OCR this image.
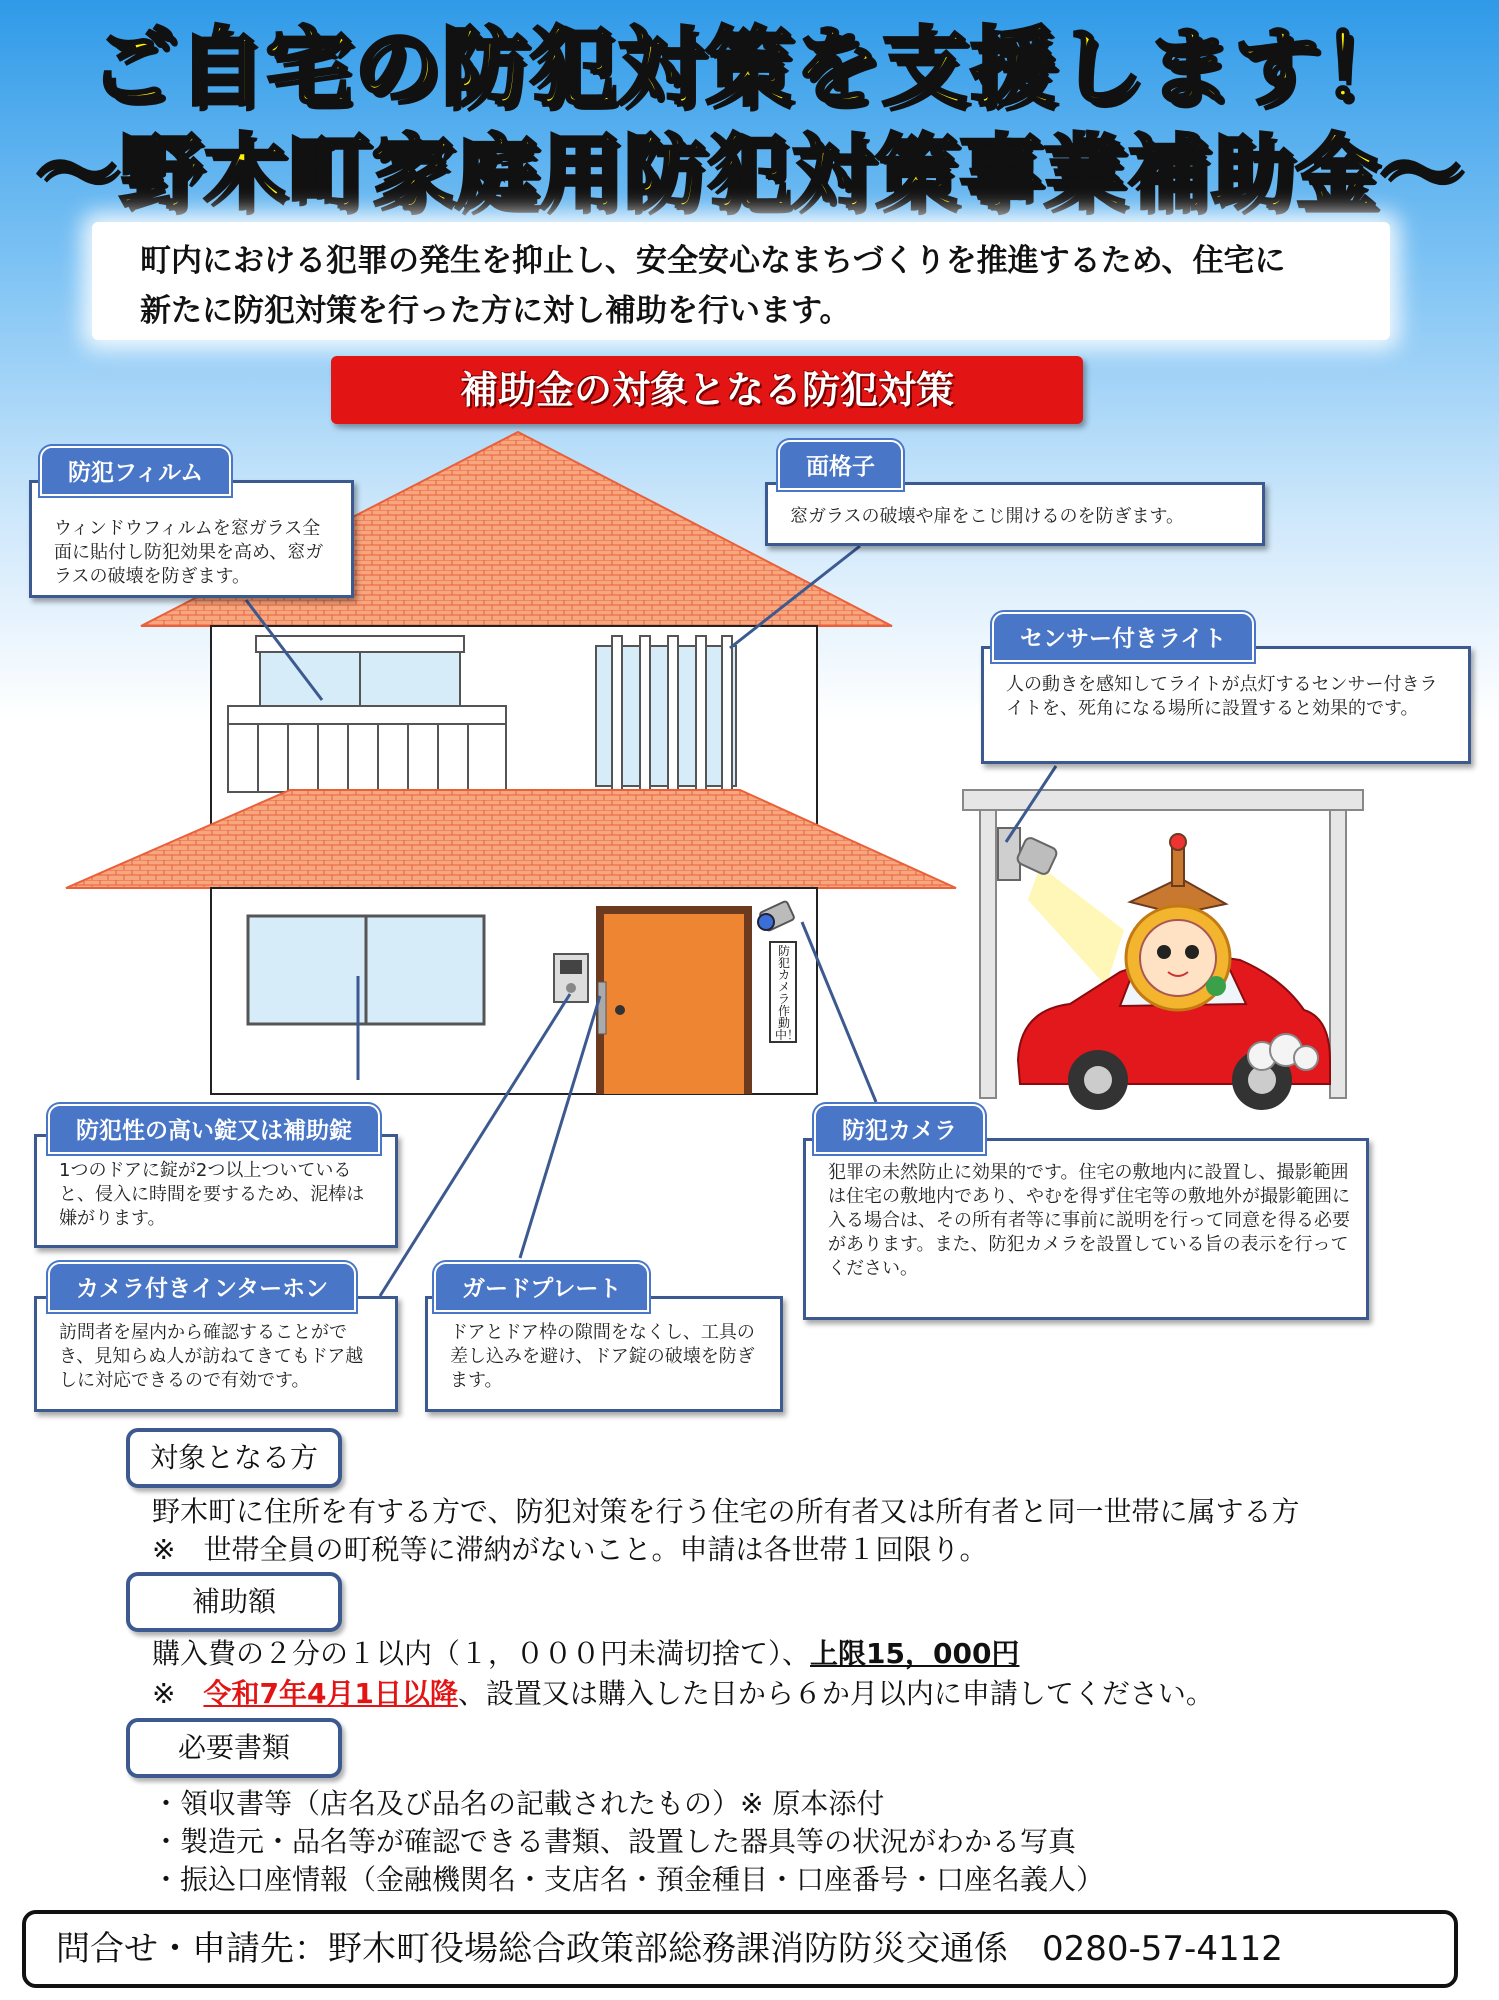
ご自宅の防犯対策を支援します！
～野木町家庭用防犯対策事業補助金～
町内における犯罪の発生を抑止し、安全安心なまちづくりを推進するため、住宅に
新たに防犯対策を行った方に対し補助を行います。
補助金の対象となる防犯対策
防犯カメラ作動中！
ウィンドウフィルムを窓ガラス全面に貼付し防犯効果を高め、窓ガラスの破壊を防ぎます。
防犯フィルム
窓ガラスの破壊や扉をこじ開けるのを防ぎます。
面格子
人の動きを感知してライトが点灯するセンサー付きライトを、死角になる場所に設置すると効果的です。
センサー付きライト
1つのドアに錠が2つ以上ついていると、侵入に時間を要するため、泥棒は嫌がります。
防犯性の高い錠又は補助錠
犯罪の未然防止に効果的です。住宅の敷地内に設置し、撮影範囲は住宅の敷地内であり、やむを得ず住宅等の敷地外が撮影範囲に入る場合は、その所有者等に事前に説明を行って同意を得る必要があります。また、防犯カメラを設置している旨の表示を行ってください。
防犯カメラ
訪問者を屋内から確認することができ、見知らぬ人が訪ねてきてもドア越しに対応できるので有効です。
カメラ付きインターホン
ドアとドア枠の隙間をなくし、工具の差し込みを避け、ドア錠の破壊を防ぎます。
ガードプレート
対象となる方
野木町に住所を有する方で、防犯対策を行う住宅の所有者又は所有者と同一世帯に属する方
※　世帯全員の町税等に滞納がないこと。申請は各世帯１回限り。
補助額
購入費の２分の１以内（１，０００円未満切捨て）、上限15，000円
※　令和7年4月1日以降、設置又は購入した日から６か月以内に申請してください。
必要書類
・領収書等（店名及び品名の記載されたもの）※ 原本添付
・製造元・品名等が確認できる書類、設置した器具等の状況がわかる写真
・振込口座情報（金融機関名・支店名・預金種目・口座番号・口座名義人）
問合せ・申請先：野木町役場総合政策部総務課消防防災交通係　0280-57-4112
